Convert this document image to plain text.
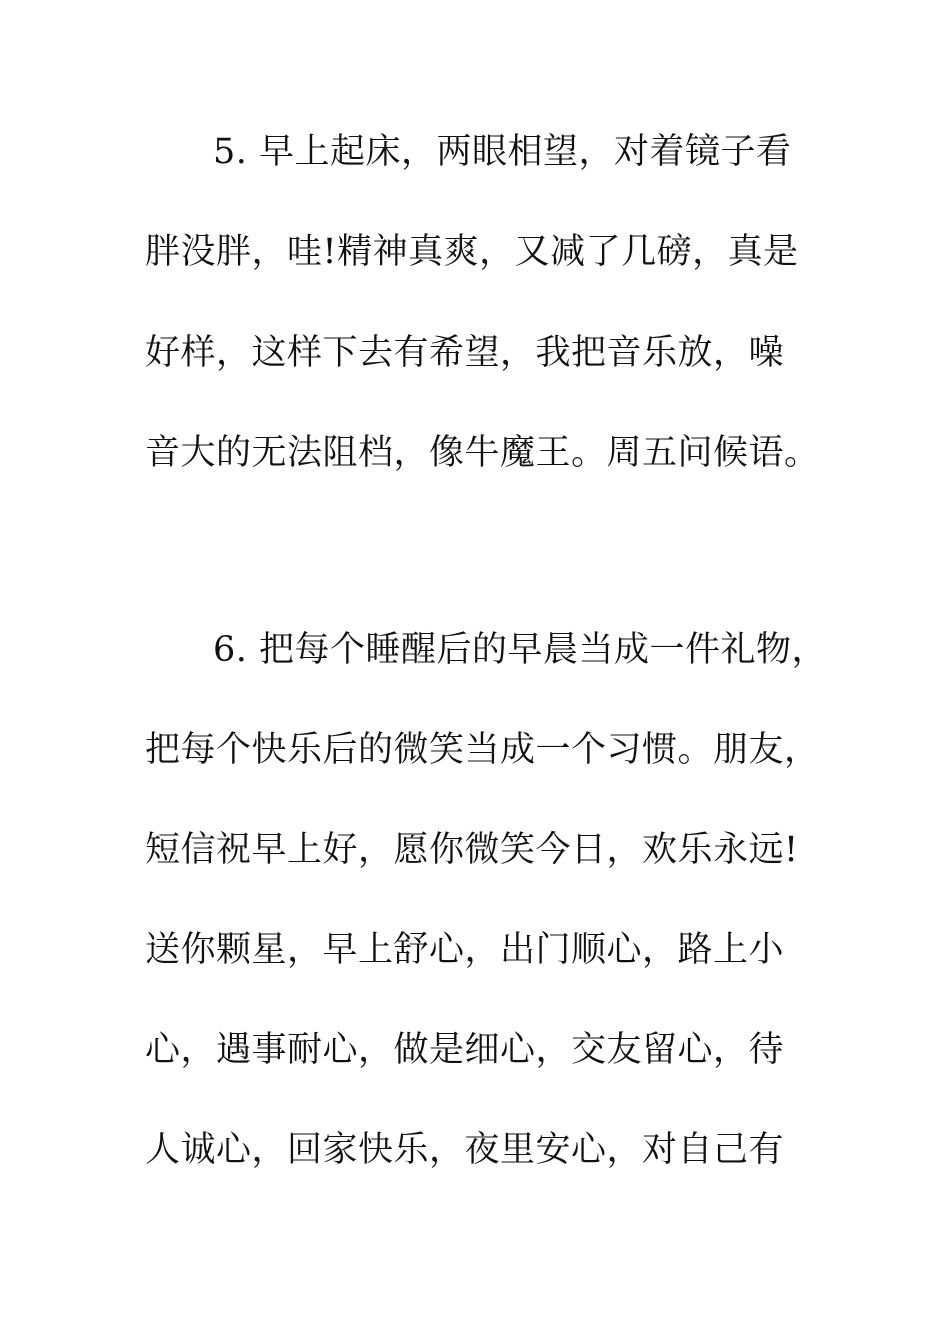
5. 早上起床，两眼相望，对着镜子看
胖没胖，哇!精神真爽，又减了几磅，真是
好样，这样下去有希望，我把音乐放，噪
音大的无法阻档，像牛魔王。周五问候语。
6. 把每个睡醒后的早晨当成一件礼物，
把每个快乐后的微笑当成一个习惯。朋友，
短信祝早上好，愿你微笑今日，欢乐永远!
送你颗星，早上舒心，出门顺心，路上小
心，遇事耐心，做是细心，交友留心，待
人诚心，回家快乐，夜里安心，对自己有
